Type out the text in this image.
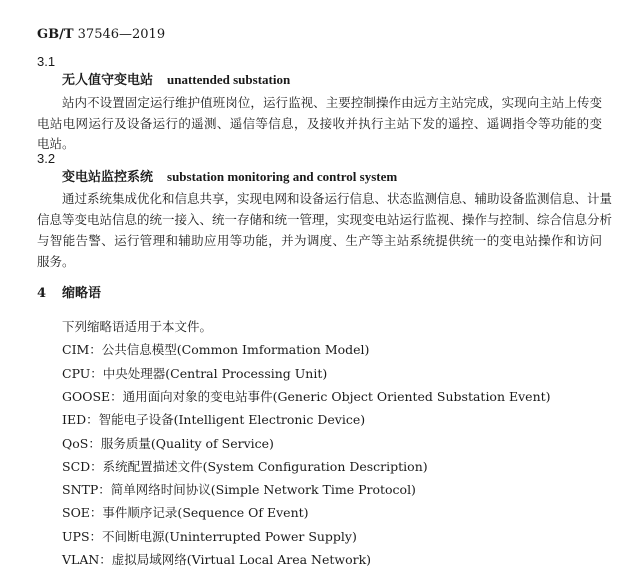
GB/T 37546—2019
3.1
无人值守变电站 unattended substation
站内不设置固定运行维护值班岗位，运行监视、主要控制操作由远方主站完成，实现向主站上传变
电站电网运行及设备运行的遥测、遥信等信息，及接收并执行主站下发的遥控、遥调指令等功能的变
电站。
3.2
变电站监控系统 substation monitoring and control system
通过系统集成优化和信息共享，实现电网和设备运行信息、状态监测信息、辅助设备监测信息、计量
信息等变电站信息的统一接入、统一存储和统一管理，实现变电站运行监视、操作与控制、综合信息分析
与智能告警、运行管理和辅助应用等功能，并为调度、生产等主站系统提供统一的变电站操作和访问
服务。
4 缩略语
下列缩略语适用于本文件。
CIM：公共信息模型(Common Imformation Model)
CPU：中央处理器(Central Processing Unit)
GOOSE：通用面向对象的变电站事件(Generic Object Oriented Substation Event)
IED：智能电子设备(Intelligent Electronic Device)
QoS：服务质量(Quality of Service)
SCD：系统配置描述文件(System Configuration Description)
SNTP：简单网络时间协议(Simple Network Time Protocol)
SOE：事件顺序记录(Sequence Of Event)
UPS：不间断电源(Uninterrupted Power Supply)
VLAN：虚拟局域网络(Virtual Local Area Network)
